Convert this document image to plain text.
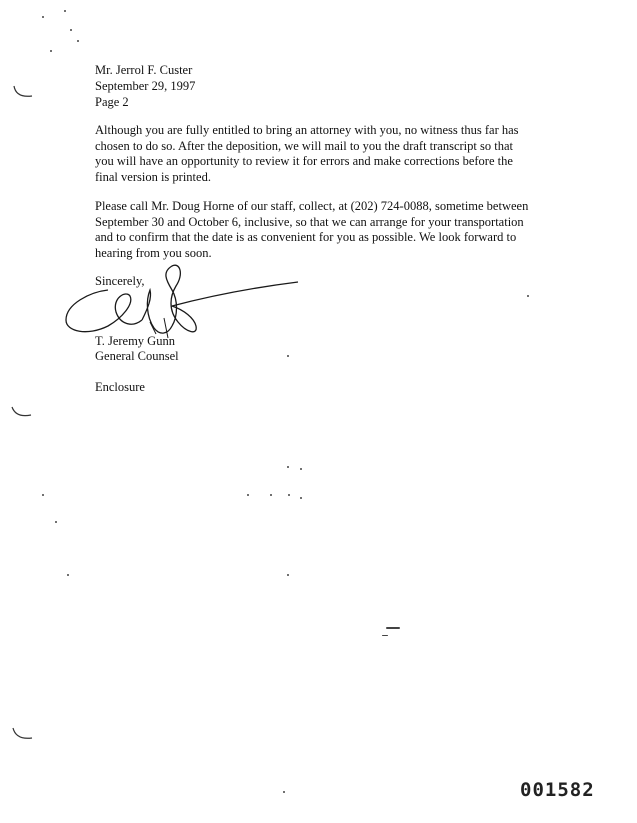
Mr. Jerrol F. Custer
September 29, 1997
Page 2
Although you are fully entitled to bring an attorney with you, no witness thus far has
chosen to do so. After the deposition, we will mail to you the draft transcript so that
you will have an opportunity to review it for errors and make corrections before the
final version is printed.
Please call Mr. Doug Horne of our staff, collect, at (202) 724-0088, sometime between
September 30 and October 6, inclusive, so that we can arrange for your transportation
and to confirm that the date is as convenient for you as possible. We look forward to
hearing from you soon.
Sincerely,
T. Jeremy Gunn
General Counsel
Enclosure
001582
